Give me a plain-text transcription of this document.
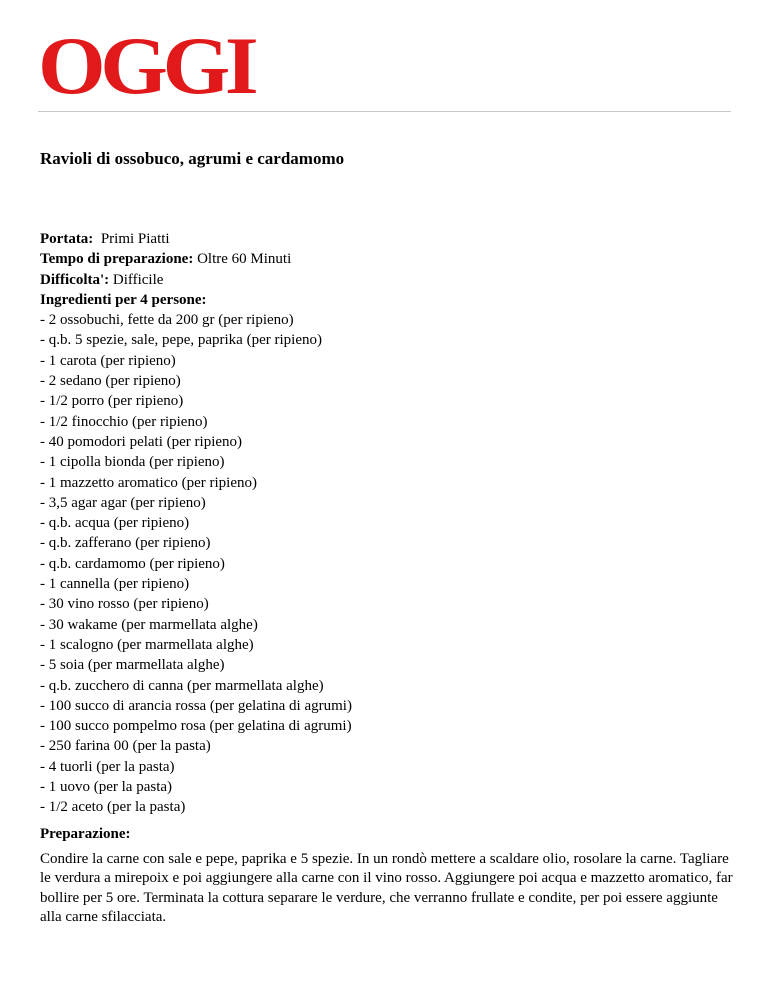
OGGI
Ravioli di ossobuco, agrumi e cardamomo
Portata: Primi Piatti
Tempo di preparazione: Oltre 60 Minuti
Difficolta': Difficile
Ingredienti per 4 persone:
- 2 ossobuchi, fette da 200 gr (per ripieno)
- q.b. 5 spezie, sale, pepe, paprika (per ripieno)
- 1 carota (per ripieno)
- 2 sedano (per ripieno)
- 1/2 porro (per ripieno)
- 1/2 finocchio (per ripieno)
- 40 pomodori pelati (per ripieno)
- 1 cipolla bionda (per ripieno)
- 1 mazzetto aromatico (per ripieno)
- 3,5 agar agar (per ripieno)
- q.b. acqua (per ripieno)
- q.b. zafferano (per ripieno)
- q.b. cardamomo (per ripieno)
- 1 cannella (per ripieno)
- 30 vino rosso (per ripieno)
- 30 wakame (per marmellata alghe)
- 1 scalogno (per marmellata alghe)
- 5 soia (per marmellata alghe)
- q.b. zucchero di canna (per marmellata alghe)
- 100 succo di arancia rossa (per gelatina di agrumi)
- 100 succo pompelmo rosa (per gelatina di agrumi)
- 250 farina 00 (per la pasta)
- 4 tuorli (per la pasta)
- 1 uovo (per la pasta)
- 1/2 aceto (per la pasta)
Preparazione:
Condire la carne con sale e pepe, paprika e 5 spezie. In un rondò mettere a scaldare olio, rosolare la carne. Tagliare le verdura a mirepoix e poi aggiungere alla carne con il vino rosso. Aggiungere poi acqua e mazzetto aromatico, far bollire per 5 ore. Terminata la cottura separare le verdure, che verranno frullate e condite, per poi essere aggiunte alla carne sfilacciata.
